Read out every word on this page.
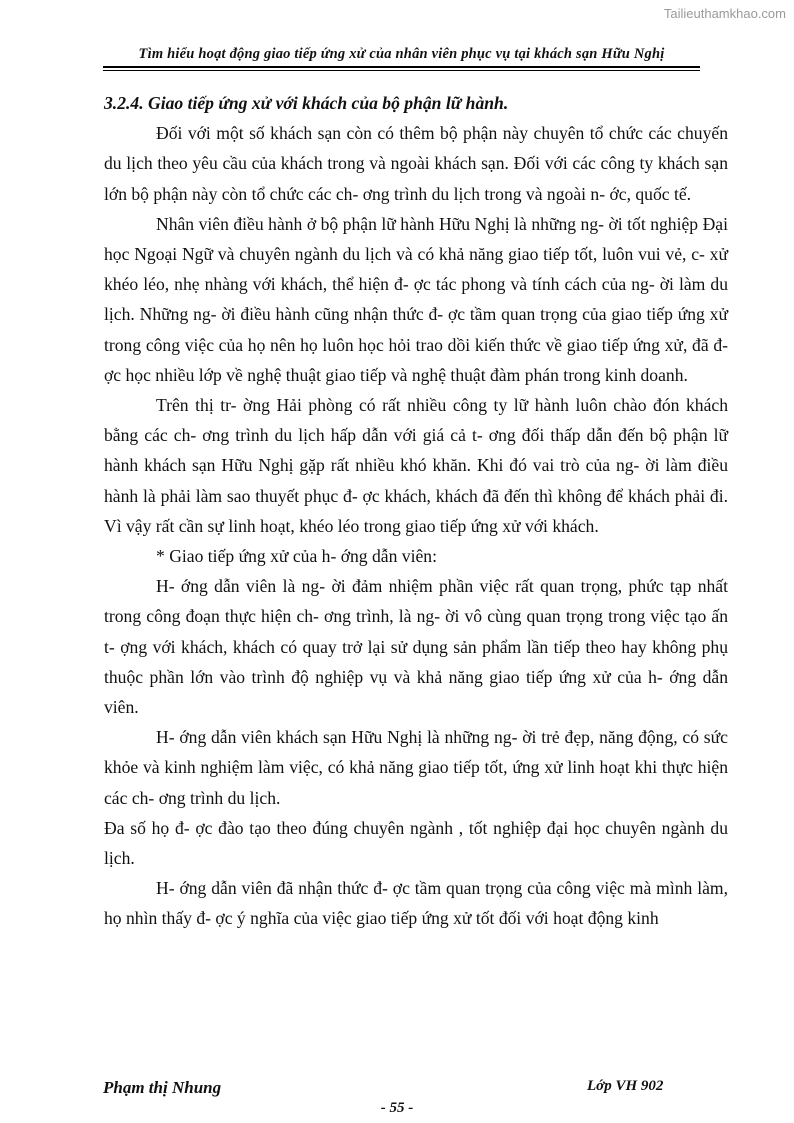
Tailieuthamkhao.com
Tìm hiểu hoạt động giao tiếp ứng xử của nhân viên phục vụ tại khách sạn Hữu Nghị

3.2.4. Giao tiếp ứng xử với khách của bộ phận lữ hành.

Đối với một số khách sạn còn có thêm bộ phận này chuyên tổ chức các chuyến du lịch theo yêu cầu của khách trong và ngoài khách sạn. Đối với các công ty khách sạn lớn bộ phận này còn tổ chức các ch- ơng trình du lịch trong và ngoài n- ớc, quốc tế.

Nhân viên điều hành ở bộ phận lữ hành Hữu Nghị là những ng- ời tốt nghiệp Đại học Ngoại Ngữ và chuyên ngành du lịch và có khả năng giao tiếp tốt, luôn vui vẻ, c- xử khéo léo, nhẹ nhàng với khách, thể hiện đ- ợc tác phong và tính cách của ng- ời làm du lịch. Những ng- ời điều hành cũng nhận thức đ- ợc tầm quan trọng của giao tiếp ứng xử trong công việc của họ nên họ luôn học hỏi trao dồi kiến thức về giao tiếp ứng xử, đã đ- ợc học nhiều lớp về nghệ thuật giao tiếp và nghệ thuật đàm phán trong kinh doanh.

Trên thị tr- ờng Hải phòng có rất nhiều công ty lữ hành luôn chào đón khách bằng các ch- ơng trình du lịch hấp dẫn với giá cả t- ơng đối thấp dẫn đến bộ phận lữ hành khách sạn Hữu Nghị gặp rất nhiều khó khăn. Khi đó vai trò của ng- ời làm điều hành là phải làm sao thuyết phục đ- ợc khách, khách đã đến thì không để khách phải đi. Vì vậy rất cần sự linh hoạt, khéo léo trong giao tiếp ứng xử với khách.

* Giao tiếp ứng xử của h- ớng dẫn viên:

H- ớng dẫn viên là ng- ời đảm nhiệm phần việc rất quan trọng, phức tạp nhất trong công đoạn thực hiện ch- ơng trình, là ng- ời vô cùng quan trọng trong việc tạo ấn t- ợng với khách, khách có quay trở lại sử dụng sản phẩm lần tiếp theo hay không phụ thuộc phần lớn vào trình độ nghiệp vụ và khả năng giao tiếp ứng xử của h- ớng dẫn viên.

H- ớng dẫn viên khách sạn Hữu Nghị là những ng- ời trẻ đẹp, năng động, có sức khỏe và kinh nghiệm làm việc, có khả năng giao tiếp tốt, ứng xử linh hoạt khi thực hiện các ch- ơng trình du lịch.

Đa số họ đ- ợc đào tạo theo đúng chuyên ngành , tốt nghiệp đại học chuyên ngành du lịch.

H- ớng dẫn viên đã nhận thức đ- ợc tầm quan trọng của công việc mà mình làm, họ nhìn thấy đ- ợc ý nghĩa của việc giao tiếp ứng xử tốt đối với hoạt động kinh

Phạm thị Nhung	Lớp VH 902
- 55 -
